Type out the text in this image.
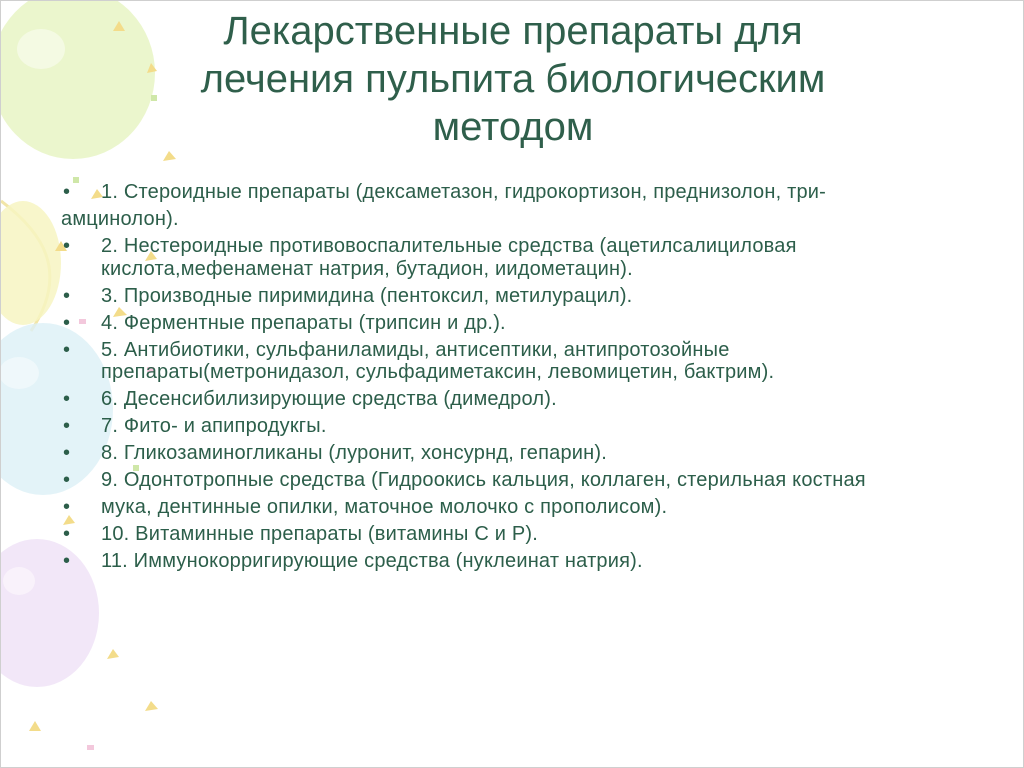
Лекарственные препараты для
лечения пульпита биологическим
методом
• 1. Стероидные препараты (дексаметазон, гидрокортизон, преднизолон, три-
амцинолон).
• 2. Нестероидные противовоспалительные средства (ацетилсалициловая кислота,мефенаменат натрия, бутадион, иидометацин).
• 3. Производные пиримидина (пентоксил, метилурацил).
• 4. Ферментные препараты (трипсин и др.).
• 5. Антибиотики, сульфаниламиды, антисептики, антипротозойные препараты(метронидазол, сульфадиметаксин, левомицетин, бактрим).
• 6. Десенсибилизирующие средства (димедрол).
• 7. Фито- и апипродукгы.
• 8. Гликозаминогликаны (луронит, хонсурнд, гепарин).
• 9. Одонтотропные средства (Гидроокись кальция, коллаген, стерильная костная
• мука, дентинные опилки, маточное молочко с прополисом).
• 10. Витаминные препараты (витамины С и Р).
• 11. Иммунокорригирующие средства (нуклеинат натрия).
